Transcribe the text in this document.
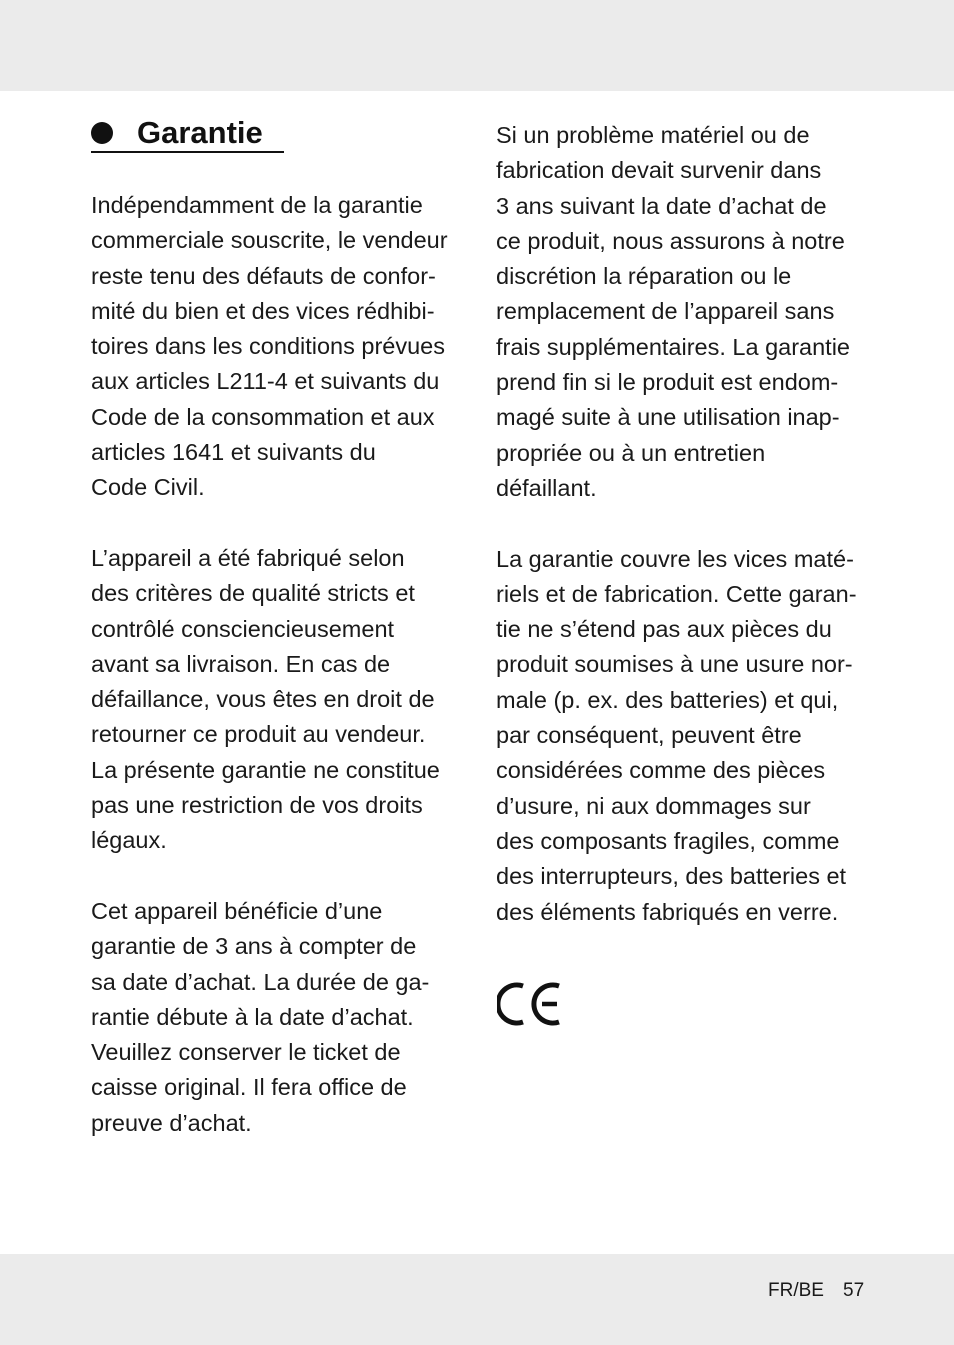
Garantie

Indépendamment de la garantie
commerciale souscrite, le vendeur
reste tenu des défauts de confor-
mité du bien et des vices rédhibi-
toires dans les conditions prévues
aux articles L211-4 et suivants du
Code de la consommation et aux
articles 1641 et suivants du
Code Civil.

L’appareil a été fabriqué selon
des critères de qualité stricts et
contrôlé consciencieusement
avant sa livraison. En cas de
défaillance, vous êtes en droit de
retourner ce produit au vendeur.
La présente garantie ne constitue
pas une restriction de vos droits
légaux.

Cet appareil bénéficie d’une
garantie de 3 ans à compter de
sa date d’achat. La durée de ga-
rantie débute à la date d’achat.
Veuillez conserver le ticket de
caisse original. Il fera office de
preuve d’achat.

Si un problème matériel ou de
fabrication devait survenir dans
3 ans suivant la date d’achat de
ce produit, nous assurons à notre
discrétion la réparation ou le
remplacement de l’appareil sans
frais supplémentaires. La garantie
prend fin si le produit est endom-
magé suite à une utilisation inap-
propriée ou à un entretien
défaillant.

La garantie couvre les vices maté-
riels et de fabrication. Cette garan-
tie ne s’étend pas aux pièces du
produit soumises à une usure nor-
male (p. ex. des batteries) et qui,
par conséquent, peuvent être
considérées comme des pièces
d’usure, ni aux dommages sur
des composants fragiles, comme
des interrupteurs, des batteries et
des éléments fabriqués en verre.

FR/BE 57
